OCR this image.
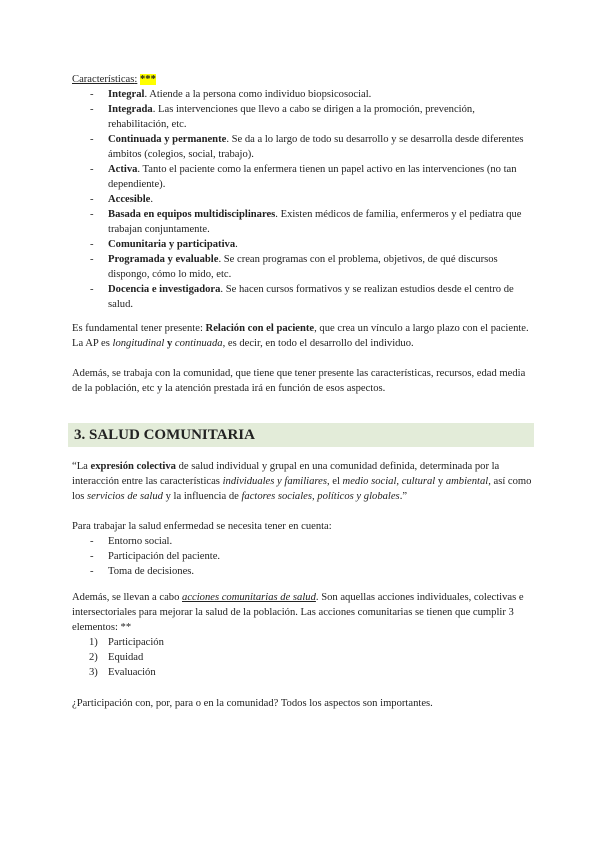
Características: ***

- Integral. Atiende a la persona como individuo biopsicosocial.
- Integrada. Las intervenciones que llevo a cabo se dirigen a la promoción, prevención, rehabilitación, etc.
- Continuada y permanente. Se da a lo largo de todo su desarrollo y se desarrolla desde diferentes ámbitos (colegios, social, trabajo).
- Activa. Tanto el paciente como la enfermera tienen un papel activo en las intervenciones (no tan dependiente).
- Accesible.
- Basada en equipos multidisciplinares. Existen médicos de familia, enfermeros y el pediatra que trabajan conjuntamente.
- Comunitaria y participativa.
- Programada y evaluable. Se crean programas con el problema, objetivos, de qué discursos dispongo, cómo lo mido, etc.
- Docencia e investigadora. Se hacen cursos formativos y se realizan estudios desde el centro de salud.

Es fundamental tener presente: Relación con el paciente, que crea un vínculo a largo plazo con el paciente. La AP es longitudinal y continuada, es decir, en todo el desarrollo del individuo.

Además, se trabaja con la comunidad, que tiene que tener presente las características, recursos, edad media de la población, etc y la atención prestada irá en función de esos aspectos.

3. SALUD COMUNITARIA

“La expresión colectiva de salud individual y grupal en una comunidad definida, determinada por la interacción entre las características individuales y familiares, el medio social, cultural y ambiental, así como los servicios de salud y la influencia de factores sociales, políticos y globales.”

Para trabajar la salud enfermedad se necesita tener en cuenta:

- Entorno social.
- Participación del paciente.
- Toma de decisiones.

Además, se llevan a cabo acciones comunitarias de salud. Son aquellas acciones individuales, colectivas e intersectoriales para mejorar la salud de la población. Las acciones comunitarias se tienen que cumplir 3 elementos: **

1) Participación
2) Equidad
3) Evaluación

¿Participación con, por, para o en la comunidad? Todos los aspectos son importantes.
